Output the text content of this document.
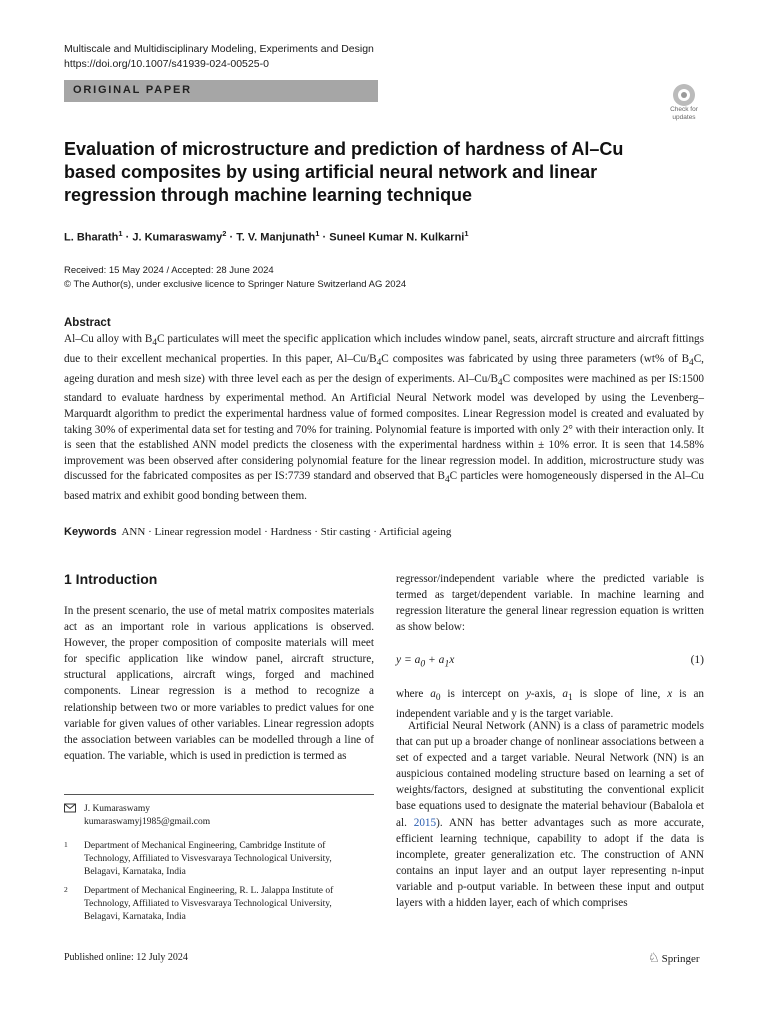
Multiscale and Multidisciplinary Modeling, Experiments and Design
https://doi.org/10.1007/s41939-024-00525-0
ORIGINAL PAPER
Check for updates
Evaluation of microstructure and prediction of hardness of Al–Cu based composites by using artificial neural network and linear regression through machine learning technique
L. Bharath$^1$ · J. Kumaraswamy$^2$ · T. V. Manjunath$^1$ · Suneel Kumar N. Kulkarni$^1$
Received: 15 May 2024 / Accepted: 28 June 2024
© The Author(s), under exclusive licence to Springer Nature Switzerland AG 2024
Abstract
Al–Cu alloy with $B_4C$ particulates will meet the specific application which includes window panel, seats, aircraft structure and aircraft fittings due to their excellent mechanical properties. In this paper, $Al-Cu/B_4C$ composites was fabricated by using three parameters (wt% of $B_4C$, ageing duration and mesh size) with three level each as per the design of experiments. $Al-Cu/B_4C$ composites were machined as per IS:1500 standard to evaluate hardness by experimental method. An Artificial Neural Network model was developed by using the Levenberg–Marquardt algorithm to predict the experimental hardness value of formed composites. Linear Regression model is created and evaluated by taking 30% of experimental data set for testing and 70% for training. Polynomial feature is imported with only 2° with their interaction only. It is seen that the established ANN model predicts the closeness with the experimental hardness within ± 10% error. It is seen that 14.58% improvement was been observed after considering polynomial feature for the linear regression model. In addition, microstructure study was discussed for the fabricated composites as per IS:7739 standard and observed that $B_4C$ particles were homogeneously dispersed in the Al–Cu based matrix and exhibit good bonding between them.
Keywords ANN · Linear regression model · Hardness · Stir casting · Artificial ageing
1 Introduction
In the present scenario, the use of metal matrix composites materials act as an important role in various applications is observed. However, the proper composition of composite materials will meet for specific application like window panel, aircraft structure, structural applications, aircraft wings, forged and machined components. Linear regression is a method to recognize a relationship between two or more variables to predict values for one variable for given values of other variables. Linear regression adopts the association between variables can be modelled through a line of equation. The variable, which is used in prediction is termed as
J. Kumaraswamy
kumaraswamyj1985@gmail.com
1 Department of Mechanical Engineering, Cambridge Institute of Technology, Affiliated to Visvesvaraya Technological University, Belagavi, Karnataka, India
2 Department of Mechanical Engineering, R. L. Jalappa Institute of Technology, Affiliated to Visvesvaraya Technological University, Belagavi, Karnataka, India
regressor/independent variable where the predicted variable is termed as target/dependent variable. In machine learning and regression literature the general linear regression equation is written as show below:
$y = a_0 + a_1x$	(1)
where $a_0$ is intercept on y-axis, $a_1$ is slope of line, x is an independent variable and y is the target variable.
Artificial Neural Network (ANN) is a class of parametric models that can put up a broader change of nonlinear associations between a set of expected and a target variable. Neural Network (NN) is an auspicious contained modeling structure based on learning a set of weights/factors, designed at substituting the conventional explicit base equations used to designate the material behaviour (Babalola et al. 2015). ANN has better advantages such as more accurate, efficient learning technique, capability to adopt if the data is incomplete, greater generalization etc. The construction of ANN contains an input layer and an output layer representing n-input variable and p-output variable. In between these input and output layers with a hidden layer, each of which comprises
Published online: 12 July 2024	♘ Springer
